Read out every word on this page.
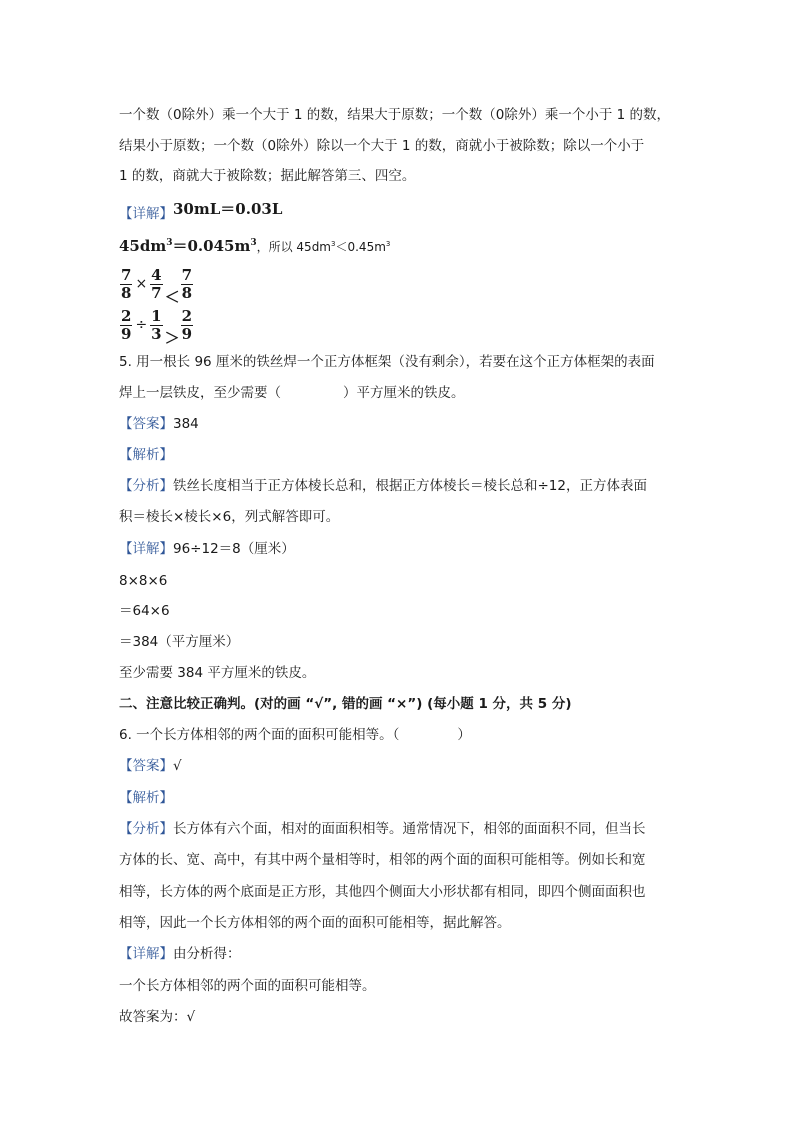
一个数（0除外）乘一个大于 1 的数，结果大于原数；一个数（0除外）乘一个小于 1 的数，
结果小于原数；一个数（0除外）除以一个大于 1 的数，商就小于被除数；除以一个小于
1 的数，商就大于被除数；据此解答第三、四空。
【详解】30mL＝0.03L
$45dm^3=0.045m^3$，所以 $45dm^3<0.45m^3$
$\frac{7}{8} \times \frac{4}{7} < \frac{7}{8}$
$\frac{2}{9} \div \frac{1}{3} > \frac{2}{9}$
5. 用一根长 96 厘米的铁丝焊一个正方体框架（没有剩余），若要在这个正方体框架的表面
焊上一层铁皮，至少需要（	）平方厘米的铁皮。
【答案】384
【解析】
【分析】铁丝长度相当于正方体棱长总和，根据正方体棱长＝棱长总和÷12，正方体表面
积＝棱长×棱长×6，列式解答即可。
【详解】96÷12＝8（厘米）
8×8×6
＝64×6
＝384（平方厘米）
至少需要 384 平方厘米的铁皮。
二、注意比较正确判。(对的画 “√”, 错的画 “×”) (每小题 1 分，共 5 分)
6. 一个长方体相邻的两个面的面积可能相等。（	）
【答案】√
【解析】
【分析】长方体有六个面，相对的面面积相等。通常情况下，相邻的面面积不同，但当长
方体的长、宽、高中，有其中两个量相等时，相邻的两个面的面积可能相等。例如长和宽
相等，长方体的两个底面是正方形，其他四个侧面大小形状都有相同，即四个侧面面积也
相等，因此一个长方体相邻的两个面的面积可能相等，据此解答。
【详解】由分析得：
一个长方体相邻的两个面的面积可能相等。
故答案为：√
